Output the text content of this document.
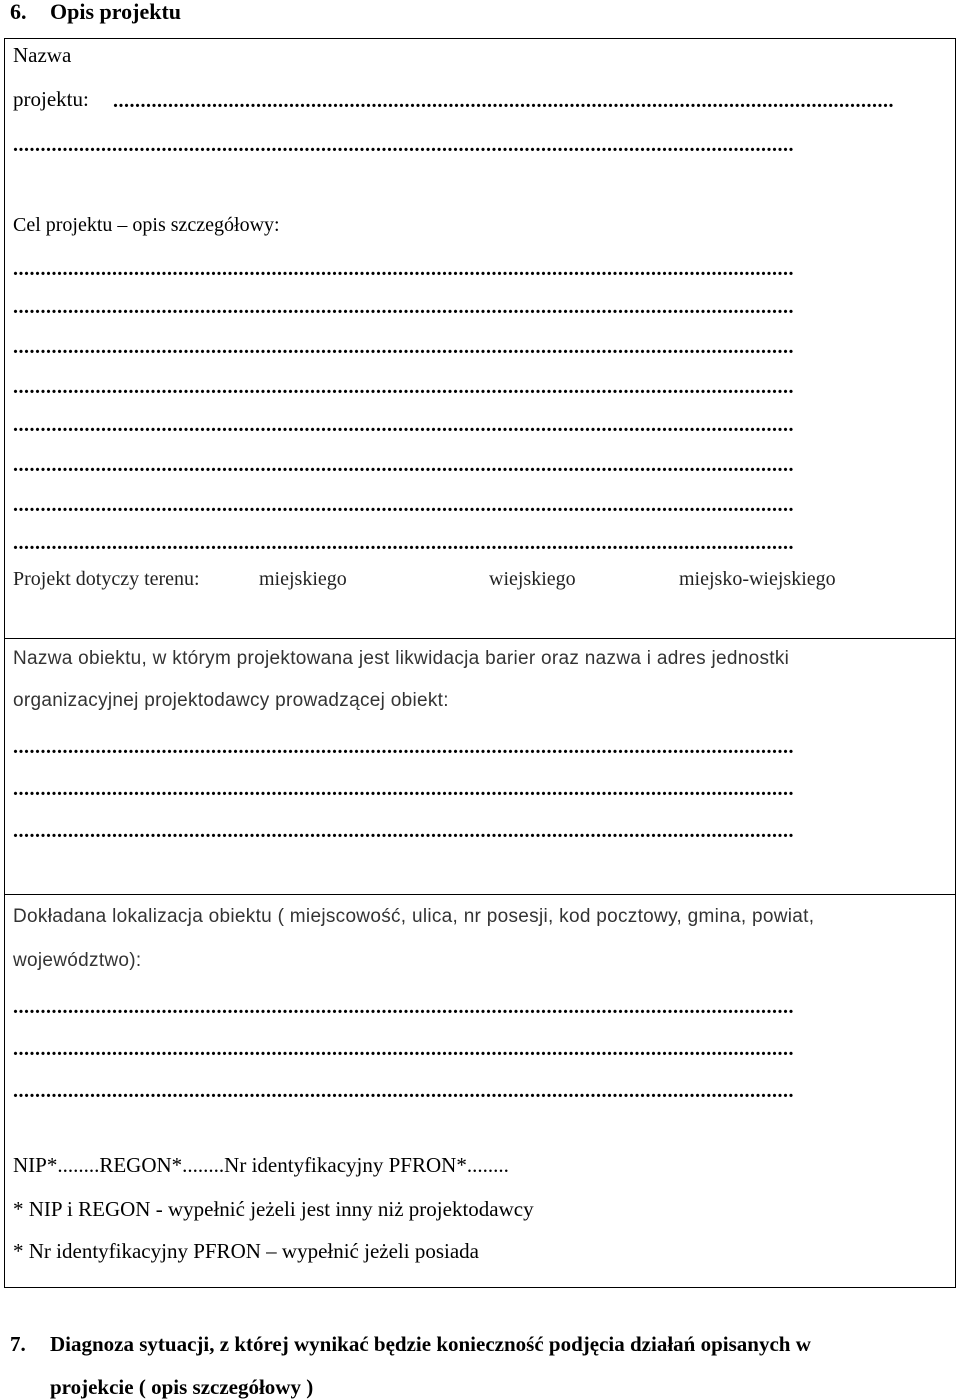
6. Opis projektu
Nazwa
projektu: ..............................................................................................................................................
..............................................................................................................................................
Cel projektu – opis szczegółowy:
..............................................................................................................................................
..............................................................................................................................................
..............................................................................................................................................
..............................................................................................................................................
..............................................................................................................................................
..............................................................................................................................................
..............................................................................................................................................
..............................................................................................................................................
Projekt dotyczy terenu:	miejskiego	wiejskiego	miejsko-wiejskiego
Nazwa obiektu, w którym projektowana jest likwidacja barier oraz nazwa i adres jednostki
organizacyjnej projektodawcy prowadzącej obiekt:
..............................................................................................................................................
..............................................................................................................................................
..............................................................................................................................................
Dokładana lokalizacja obiektu ( miejscowość, ulica, nr posesji, kod pocztowy, gmina, powiat,
województwo):
..............................................................................................................................................
..............................................................................................................................................
..............................................................................................................................................
NIP*........REGON*........Nr identyfikacyjny PFRON*........
* NIP i REGON - wypełnić jeżeli jest inny niż projektodawcy
* Nr identyfikacyjny PFRON – wypełnić jeżeli posiada
7. Diagnoza sytuacji, z której wynikać będzie konieczność podjęcia działań opisanych w
projekcie ( opis szczegółowy )
